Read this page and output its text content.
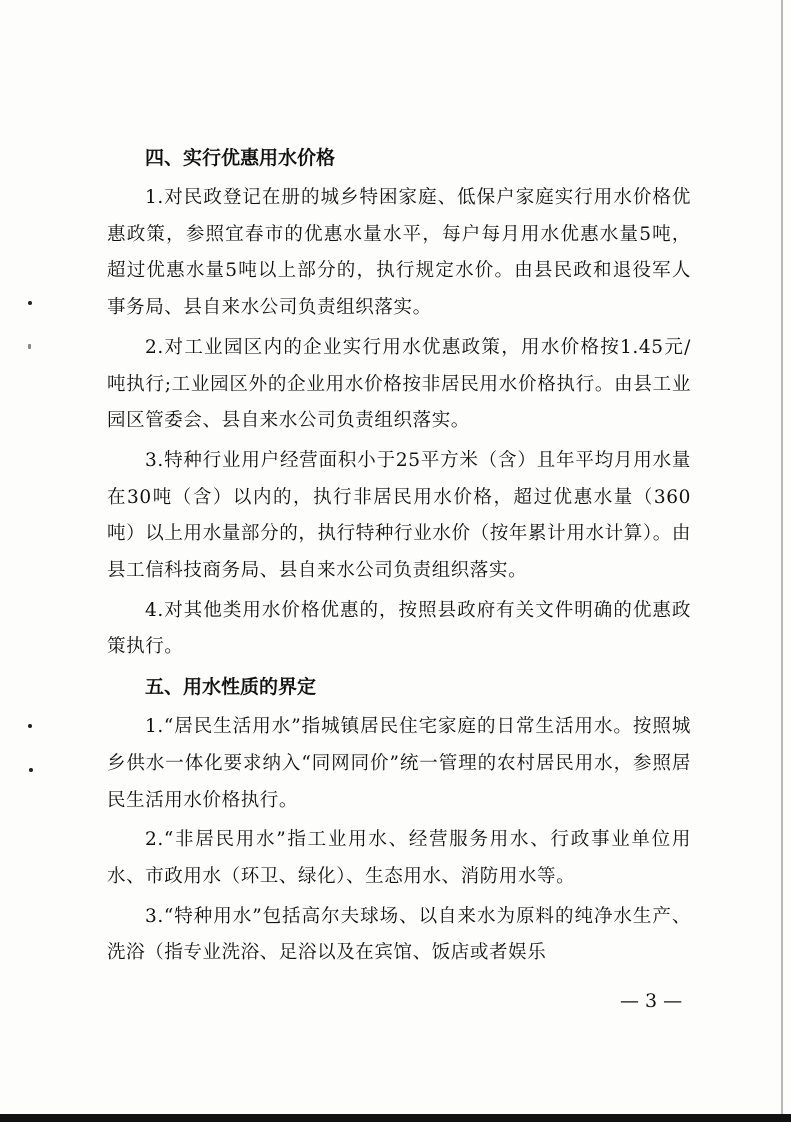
四、实行优惠用水价格

1.对民政登记在册的城乡特困家庭、低保户家庭实行用水价格优惠政策，参照宜春市的优惠水量水平，每户每月用水优惠水量5吨，超过优惠水量5吨以上部分的，执行规定水价。由县民政和退役军人事务局、县自来水公司负责组织落实。

2.对工业园区内的企业实行用水优惠政策，用水价格按1.45元/吨执行;工业园区外的企业用水价格按非居民用水价格执行。由县工业园区管委会、县自来水公司负责组织落实。

3.特种行业用户经营面积小于25平方米（含）且年平均月用水量在30吨（含）以内的，执行非居民用水价格，超过优惠水量（360吨）以上用水量部分的，执行特种行业水价（按年累计用水计算）。由县工信科技商务局、县自来水公司负责组织落实。

4.对其他类用水价格优惠的，按照县政府有关文件明确的优惠政策执行。

五、用水性质的界定

1.“居民生活用水”指城镇居民住宅家庭的日常生活用水。按照城乡供水一体化要求纳入“同网同价”统一管理的农村居民用水，参照居民生活用水价格执行。

2.“非居民用水”指工业用水、经营服务用水、行政事业单位用水、市政用水（环卫、绿化）、生态用水、消防用水等。

3.“特种用水”包括高尔夫球场、以自来水为原料的纯净水生产、洗浴（指专业洗浴、足浴以及在宾馆、饭店或者娱乐

— 3 —
